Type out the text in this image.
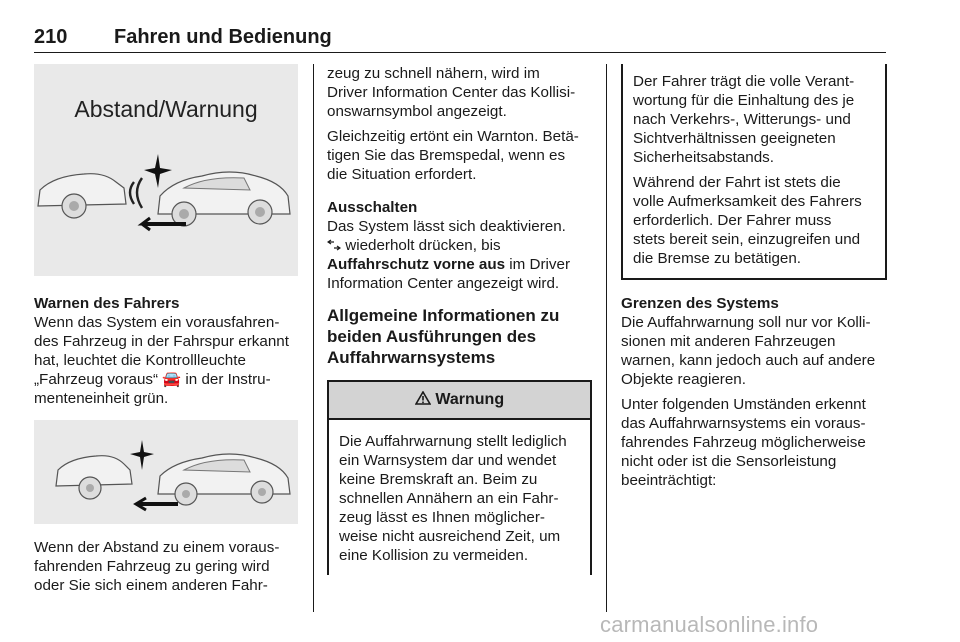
210 Fahren und Bedienung
Abstand/Warnung

Warnen des Fahrers

Wenn das System ein vorausfahren-
des Fahrzeug in der Fahrspur erkannt
hat, leuchtet die Kontrollleuchte
„Fahrzeug voraus“ 🚘 in der Instru-
menteneinheit grün.
Wenn der Abstand zu einem voraus-
fahrenden Fahrzeug zu gering wird
oder Sie sich einem anderen Fahr-
zeug zu schnell nähern, wird im
Driver Information Center das Kollisi-
onswarnsymbol angezeigt.
Gleichzeitig ertönt ein Warnton. Betä-
tigen Sie das Bremspedal, wenn es
die Situation erfordert.

Ausschalten

Das System lässt sich deaktivieren.
wiederholt drücken, bis
Auffahrschutz vorne aus im Driver
Information Center angezeigt wird.
Allgemeine Informationen zu
beiden Ausführungen des
Auffahrwarnsystems
Warnung
Die Auffahrwarnung stellt lediglich
ein Warnsystem dar und wendet
keine Bremskraft an. Beim zu
schnellen Annähern an ein Fahr-
zeug lässt es Ihnen möglicher-
weise nicht ausreichend Zeit, um
eine Kollision zu vermeiden.
Der Fahrer trägt die volle Verant-
wortung für die Einhaltung des je
nach Verkehrs-, Witterungs- und
Sichtverhältnissen geeigneten
Sicherheitsabstands.
Während der Fahrt ist stets die
volle Aufmerksamkeit des Fahrers
erforderlich. Der Fahrer muss
stets bereit sein, einzugreifen und
die Bremse zu betätigen.

Grenzen des Systems

Die Auffahrwarnung soll nur vor Kolli-
sionen mit anderen Fahrzeugen
warnen, kann jedoch auch auf andere
Objekte reagieren.
Unter folgenden Umständen erkennt
das Auffahrwarnsystems ein voraus-
fahrendes Fahrzeug möglicherweise
nicht oder ist die Sensorleistung
beeinträchtigt:
carmanualsonline.info
